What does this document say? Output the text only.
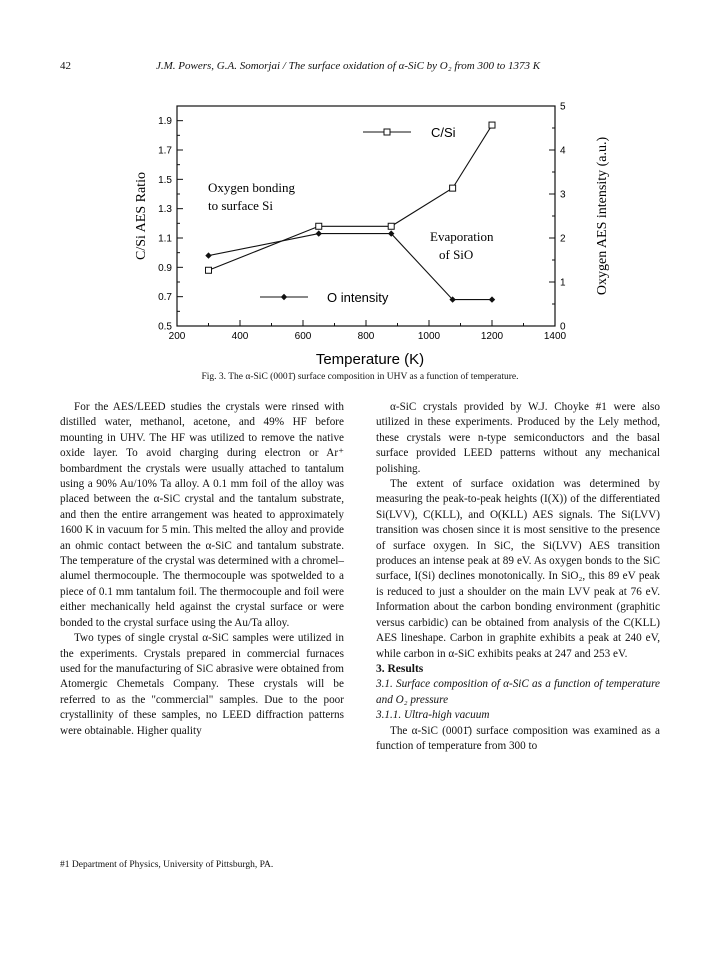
42	J.M. Powers, G.A. Somorjai / The surface oxidation of α-SiC by O₂ from 300 to 1373 K
200	400	600	800	1000	1200	1400
0.5
0.7
0.9
1.1
1.3
1.5
1.7
1.9
0
1
2
3
4
5
C/Si
O intensity
Oxygen bonding
to surface Si
Evaporation
of SiO
Temperature (K)
C/Si AES Ratio	Oxygen AES intensity (a.u.)
Fig. 3. The α-SiC (0001̄) surface composition in UHV as a function of temperature.

For the AES/LEED studies the crystals were rinsed with distilled water, methanol, acetone, and 49% HF before mounting in UHV. The HF was utilized to remove the native oxide layer. To avoid charging during electron or Ar⁺ bombardment the crystals were usually attached to tantalum using a 90% Au/10% Ta alloy. A 0.1 mm foil of the alloy was placed between the α-SiC crystal and the tantalum substrate, and then the entire arrangement was heated to approximately 1600 K in vacuum for 5 min. This melted the alloy and provide an ohmic contact between the α-SiC and tantalum substrate. The temperature of the crystal was determined with a chromel–alumel thermocouple. The thermocouple was spotwelded to a piece of 0.1 mm tantalum foil. The thermocouple and foil were either mechanically held against the crystal surface or were bonded to the crystal surface using the Au/Ta alloy.

Two types of single crystal α-SiC samples were utilized in the experiments. Crystals prepared in commercial furnaces used for the manufacturing of SiC abrasive were obtained from Atomergic Chemetals Company. These crystals will be referred to as the "commercial" samples. Due to the poor crystallinity of these samples, no LEED diffraction patterns were obtainable. Higher quality

α-SiC crystals provided by W.J. Choyke #1 were also utilized in these experiments. Produced by the Lely method, these crystals were n-type semiconductors and the basal surface provided LEED patterns without any mechanical polishing.

The extent of surface oxidation was determined by measuring the peak-to-peak heights (I(X)) of the differentiated Si(LVV), C(KLL), and O(KLL) AES signals. The Si(LVV) transition was chosen since it is most sensitive to the presence of surface oxygen. In SiC, the Si(LVV) AES transition produces an intense peak at 89 eV. As oxygen bonds to the SiC surface, I(Si) declines monotonically. In SiO₂, this 89 eV peak is reduced to just a shoulder on the main LVV peak at 76 eV. Information about the carbon bonding environment (graphitic versus carbidic) can be obtained from analysis of the C(KLL) AES lineshape. Carbon in graphite exhibits a peak at 240 eV, while carbon in α-SiC exhibits peaks at 247 and 253 eV.

3. Results

3.1. Surface composition of α-SiC as a function of temperature and O₂ pressure

3.1.1. Ultra-high vacuum

The α-SiC (0001̄) surface composition was examined as a function of temperature from 300 to

#1 Department of Physics, University of Pittsburgh, PA.
